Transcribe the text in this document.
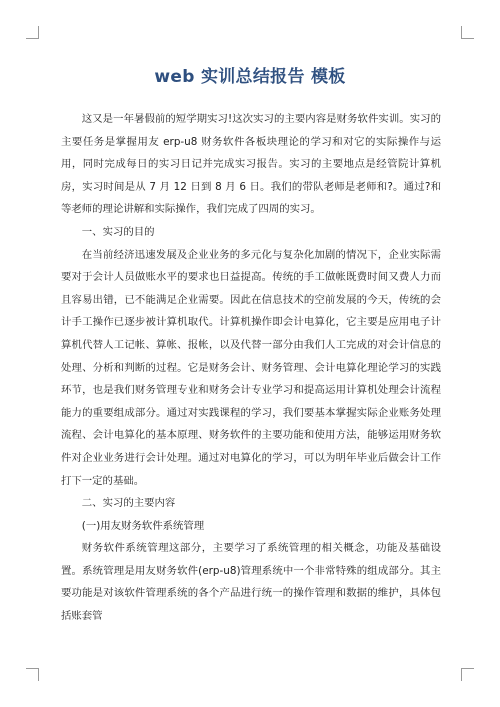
web 实训总结报告 模板

这又是一年暑假前的短学期实习!这次实习的主要内容是财务软件实训。实习的主要任务是掌握用友 erp-u8 财务软件各板块理论的学习和对它的实际操作与运用，同时完成每日的实习日记并完成实习报告。实习的主要地点是经管院计算机房，实习时间是从 7 月 12 日到 8 月 6 日。我们的带队老师是老师和?。通过?和等老师的理论讲解和实际操作，我们完成了四周的实习。

一、实习的目的

在当前经济迅速发展及企业业务的多元化与复杂化加剧的情况下，企业实际需要对于会计人员做账水平的要求也日益提高。传统的手工做帐既费时间又费人力而且容易出错，已不能满足企业需要。因此在信息技术的空前发展的今天，传统的会计手工操作已逐步被计算机取代。计算机操作即会计电算化，它主要是应用电子计算机代替人工记帐、算帐、报帐，以及代替一部分由我们人工完成的对会计信息的处理、分析和判断的过程。它是财务会计、财务管理、会计电算化理论学习的实践环节，也是我们财务管理专业和财务会计专业学习和提高运用计算机处理会计流程能力的重要组成部分。通过对实践课程的学习，我们要基本掌握实际企业账务处理流程、会计电算化的基本原理、财务软件的主要功能和使用方法，能够运用财务软件对企业业务进行会计处理。通过对电算化的学习，可以为明年毕业后做会计工作打下一定的基础。

二、实习的主要内容

(一)用友财务软件系统管理

财务软件系统管理这部分，主要学习了系统管理的相关概念，功能及基础设置。系统管理是用友财务软件(erp-u8)管理系统中一个非常特殊的组成部分。其主要功能是对该软件管理系统的各个产品进行统一的操作管理和数据的维护，具体包括账套管
